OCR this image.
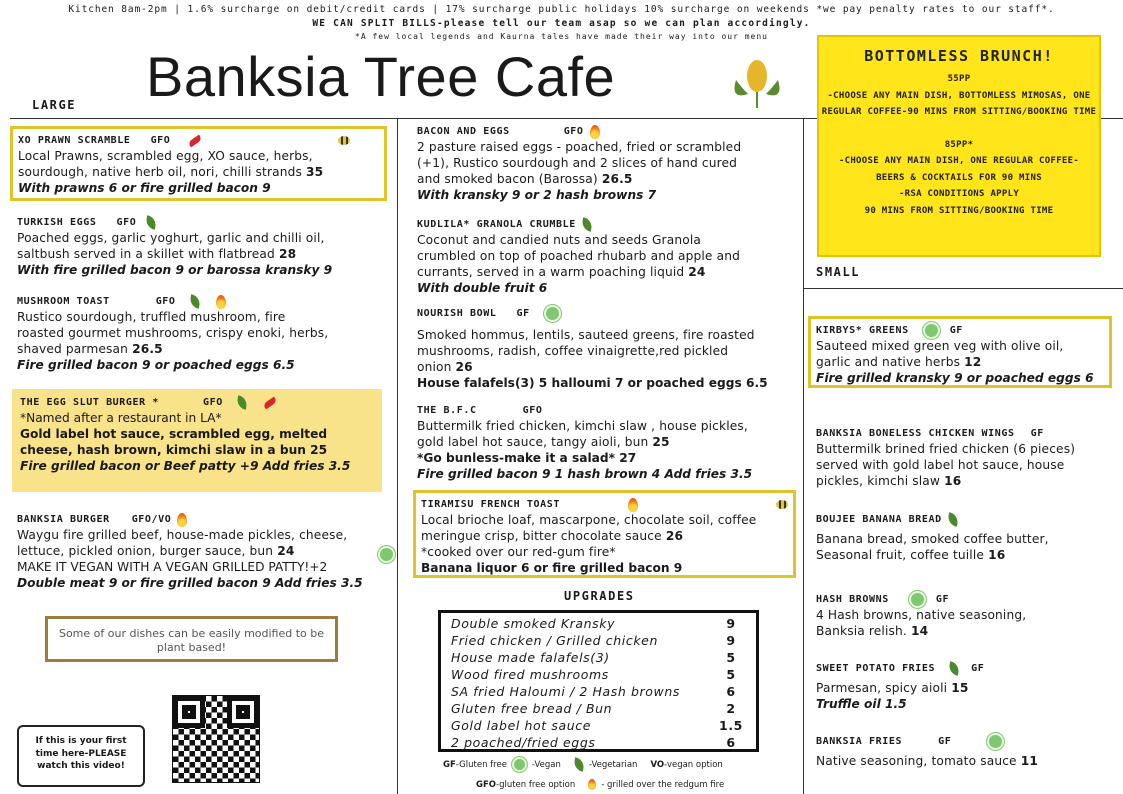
Kitchen 8am-2pm | 1.6% surcharge on debit/credit cards | 17% surcharge public holidays 10% surcharge on weekends *we pay penalty rates to our staff*.
WE CAN SPLIT BILLS-please tell our team asap so we can plan accordingly.
*A few local legends and Kaurna tales have made their way into our menu
Banksia Tree Cafe
LARGE
BOTTOMLESS BRUNCH!
55PP
-CHOOSE ANY MAIN DISH, BOTTOMLESS MIMOSAS, ONE
REGULAR COFFEE-90 MINS FROM SITTING/BOOKING TIME
85PP*
-CHOOSE ANY MAIN DISH, ONE REGULAR COFFEE-
BEERS & COCKTAILS FOR 90 MINS
-RSA CONDITIONS APPLY
90 MINS FROM SITTING/BOOKING TIME
SMALL
XO PRAWN SCRAMBLE GFO
Local Prawns, scrambled egg, XO sauce, herbs,
sourdough, native herb oil, nori, chilli strands 35
With prawns 6 or fire grilled bacon 9
TURKISH EGGS GFO
Poached eggs, garlic yoghurt, garlic and chilli oil,
saltbush served in a skillet with flatbread 28
With fire grilled bacon 9 or barossa kransky 9
MUSHROOM TOAST	GFO
Rustico sourdough, truffled mushroom, fire
roasted gourmet mushrooms, crispy enoki, herbs,
shaved parmesan 26.5
Fire grilled bacon 9 or poached eggs 6.5
THE EGG SLUT BURGER *	GFO
*Named after a restaurant in LA*
Gold label hot sauce, scrambled egg, melted
cheese, hash brown, kimchi slaw in a bun 25
Fire grilled bacon or Beef patty +9 Add fries 3.5
BANKSIA BURGER GFO/VO
Waygu fire grilled beef, house-made pickles, cheese,
lettuce, pickled onion, burger sauce, bun 24
MAKE IT VEGAN WITH A VEGAN GRILLED PATTY!+2
Double meat 9 or fire grilled bacon 9 Add fries 3.5
Some of our dishes can be easily modified to be plant based!
If this is your first time here-PLEASE watch this video!
BACON AND EGGS	GFO
2 pasture raised eggs - poached, fried or scrambled
(+1), Rustico sourdough and 2 slices of hand cured
and smoked bacon (Barossa) 26.5
With kransky 9 or 2 hash browns 7
KUDLILA* GRANOLA CRUMBLE
Coconut and candied nuts and seeds Granola
crumbled on top of poached rhubarb and apple and
currants, served in a warm poaching liquid 24
With double fruit 6
NOURISH BOWL GF
Smoked hommus, lentils, sauteed greens, fire roasted
mushrooms, radish, coffee vinaigrette,red pickled
onion 26
House falafels(3) 5 halloumi 7 or poached eggs 6.5
THE B.F.C	GFO
Buttermilk fried chicken, kimchi slaw , house pickles,
gold label hot sauce, tangy aioli, bun 25
*Go bunless-make it a salad* 27
Fire grilled bacon 9 1 hash brown 4 Add fries 3.5
TIRAMISU FRENCH TOAST
Local brioche loaf, mascarpone, chocolate soil, coffee
meringue crisp, bitter chocolate sauce 26
*cooked over our red-gum fire*
Banana liquor 6 or fire grilled bacon 9
UPGRADES
Double smoked Kransky	9
Fried chicken / Grilled chicken	9
House made falafels(3)	5
Wood fired mushrooms	5
SA fried Haloumi / 2 Hash browns	6
Gluten free bread / Bun	2
Gold label hot sauce	1.5
2 poached/fried eggs	6
GF-Gluten free	-Vegan	-Vegetarian VO-vegan option
GFO-gluten free option	- grilled over the redgum fire
KIRBYS* GREENS	GF
Sauteed mixed green veg with olive oil,
garlic and native herbs 12
Fire grilled kransky 9 or poached eggs 6
BANKSIA BONELESS CHICKEN WINGS GF
Buttermilk brined fried chicken (6 pieces)
served with gold label hot sauce, house
pickles, kimchi slaw 16
BOUJEE BANANA BREAD
Banana bread, smoked coffee butter,
Seasonal fruit, coffee tuille 16
HASH BROWNS	GF
4 Hash browns, native seasoning,
Banksia relish. 14
SWEET POTATO FRIES	GF
Parmesan, spicy aioli 15
Truffle oil 1.5
BANKSIA FRIES	GF
Native seasoning, tomato sauce 11
